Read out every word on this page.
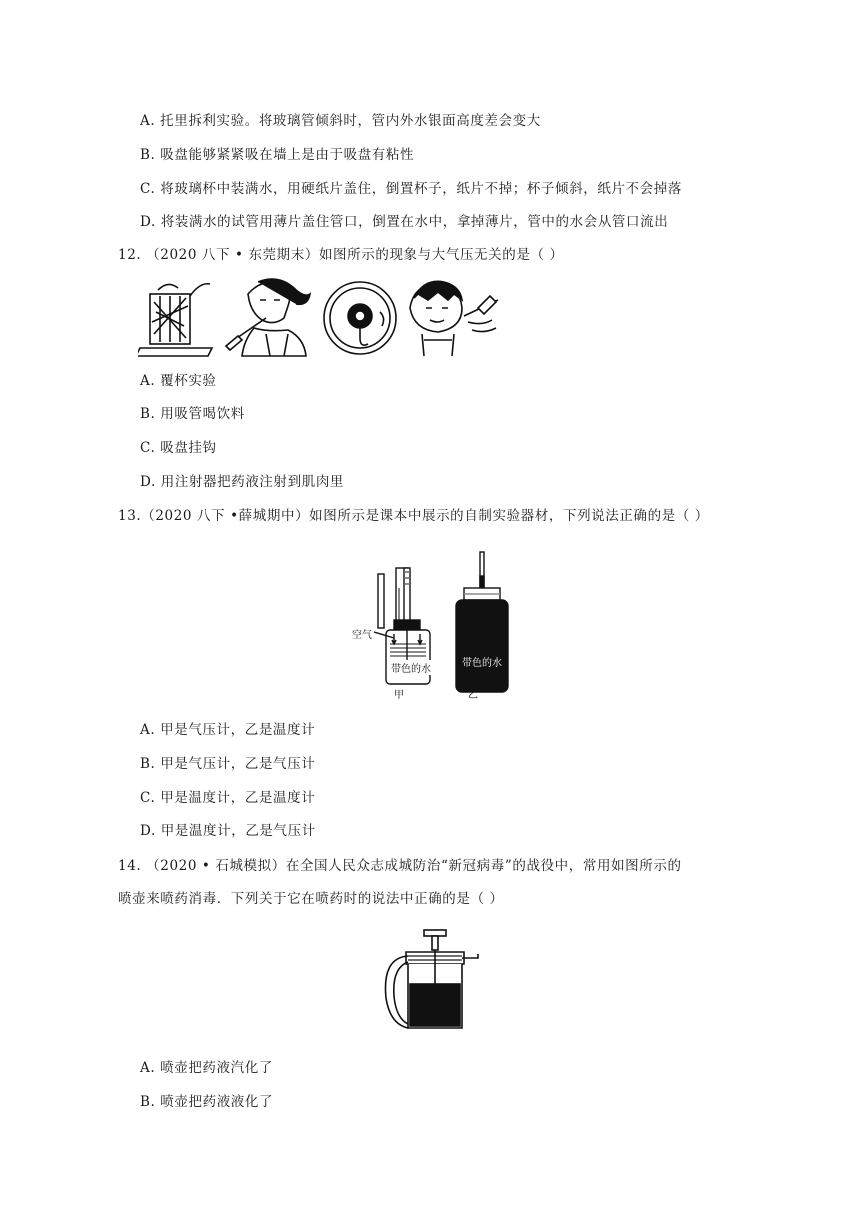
A. 托里拆利实验。将玻璃管倾斜时，管内外水银面高度差会变大
B. 吸盘能够紧紧吸在墙上是由于吸盘有粘性
C. 将玻璃杯中装满水，用硬纸片盖住，倒置杯子，纸片不掉；杯子倾斜，纸片不会掉落
D. 将装满水的试管用薄片盖住管口，倒置在水中，拿掉薄片，管中的水会从管口流出
12. （2020 八下 • 东莞期末）如图所示的现象与大气压无关的是（ ）
A. 覆杯实验
B. 用吸管喝饮料
C. 吸盘挂钩
D. 用注射器把药液注射到肌肉里
13.（2020 八下 •薛城期中）如图所示是课本中展示的自制实验器材，下列说法正确的是（ ）
空气
带色的水
带色的水
甲	乙
A. 甲是气压计，乙是温度计
B. 甲是气压计，乙是气压计
C. 甲是温度计，乙是温度计
D. 甲是温度计，乙是气压计
14. （2020 • 石城模拟）在全国人民众志成城防治“新冠病毒”的战役中，常用如图所示的
喷壶来喷药消毒．下列关于它在喷药时的说法中正确的是（ ）
A. 喷壶把药液汽化了
B. 喷壶把药液液化了
